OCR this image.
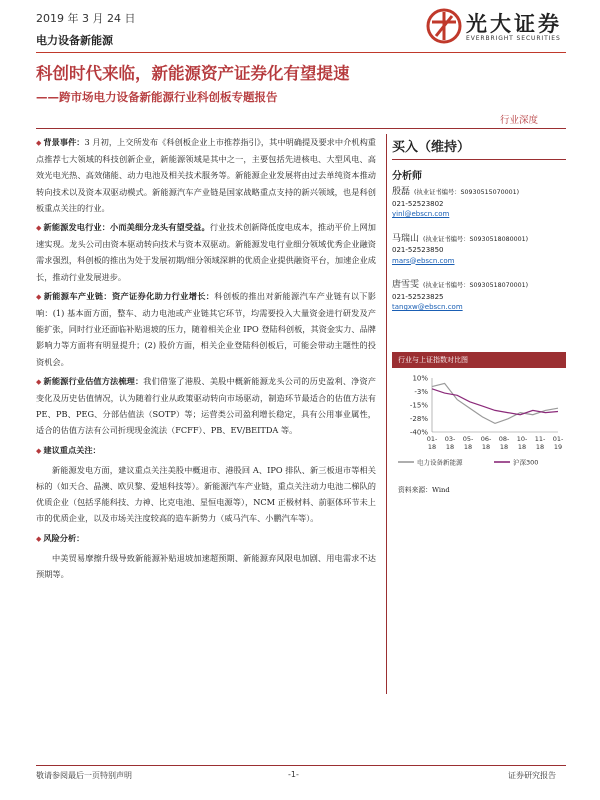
2019 年 3 月 24 日
电力设备新能源
光大证券
EVERBRIGHT SECURITIES
科创时代来临，新能源资产证券化有望提速
——跨市场电力设备新能源行业科创板专题报告
行业深度

◆ 背景事件：3 月初，上交所发布《科创板企业上市推荐指引》，其中明确提及要求中介机构重点推荐七大领域的科技创新企业，新能源领域是其中之一，主要包括先进核电、大型风电、高效光电光热、高效储能、动力电池及相关技术服务等。新能源企业发展将由过去单纯资本推动转向技术以及资本双驱动模式。新能源汽车产业链是国家战略重点支持的新兴领域，也是科创板重点关注的行业。

◆ 新能源发电行业：小而美细分龙头有望受益。行业技术创新降低度电成本，推动平价上网加速实现。龙头公司由资本驱动转向技术与资本双驱动。新能源发电行业细分领域优秀企业融资需求强烈，科创板的推出为处于发展初期/细分领域深耕的优质企业提供融资平台，加速企业成长，推动行业发展进步。

◆ 新能源车产业链：资产证券化助力行业增长：科创板的推出对新能源汽车产业链有以下影响：(1) 基本面方面，整车、动力电池或产业链其它环节，均需要投入大量资金进行研发及产能扩张，同时行业还面临补贴退坡的压力，随着相关企业 IPO 登陆科创板，其资金实力、品牌影响力等方面将有明显提升；(2) 股价方面，相关企业登陆科创板后，可能会带动主题性的投资机会。

◆ 新能源行业估值方法梳理：我们借鉴了港股、美股中概新能源龙头公司的历史盈利、净资产变化及历史估值情况，认为随着行业从政策驱动转向市场驱动，制造环节最适合的估值方法有 PE、PB、PEG、分部估值法（SOTP）等；运营类公司盈利增长稳定，具有公用事业属性，适合的估值方法有公司折现现金流法（FCFF）、PB、EV/BEITDA 等。

◆ 建议重点关注：

新能源发电方面，建议重点关注美股中概退市、港股回 A、IPO 排队、新三板退市等相关标的（如天合、晶澳、欧贝黎、爱旭科技等）。新能源汽车产业链，重点关注动力电池二梯队的优质企业（包括孚能科技、力神、比克电池、星恒电源等），NCM 正极材料、前驱体环节未上市的优质企业，以及市场关注度较高的造车新势力（威马汽车、小鹏汽车等）。

◆ 风险分析：

中美贸易摩擦升级导致新能源补贴退坡加速超预期、新能源弃风限电加剧、用电需求不达预期等。

买入（维持）
分析师
殷磊 (执业证书编号：S0930515070001)
021-52523802
yinl@ebscn.com
马瑞山 (执业证书编号：S0930518080001)
021-52523850
mars@ebscn.com
唐雪雯 (执业证书编号：S0930518070001)
021-52523825
tangxw@ebscn.com
行业与上证指数对比图
10%
-3%
-15%
-28%
-40%
01-
18
03-
18
05-
18
06-
18
08-
18
10-
18
11-
18
01-
19
电力设备新能源	沪深300
资料来源：Wind
敬请参阅最后一页特别声明	-1-	证券研究报告
